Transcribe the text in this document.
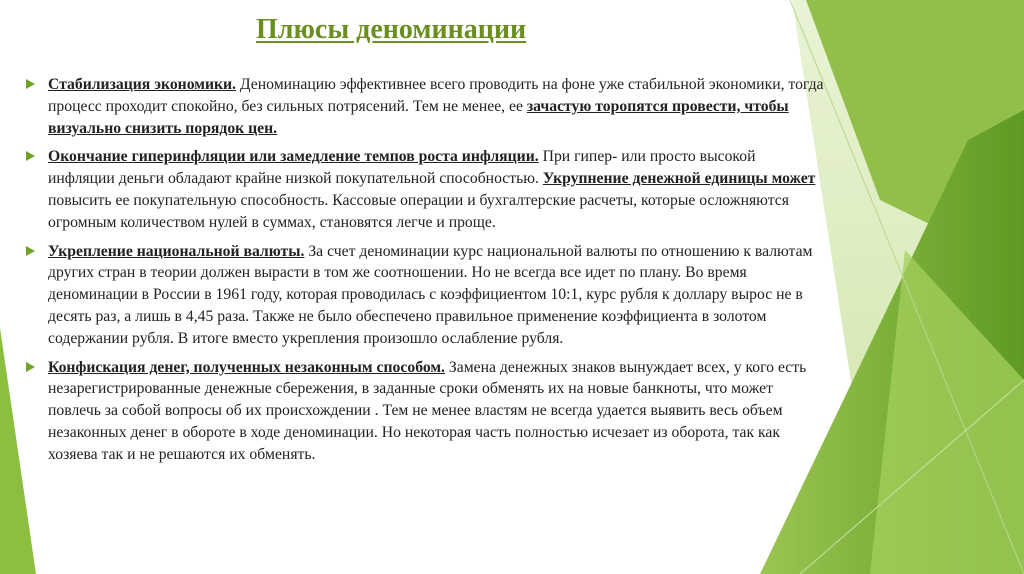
Плюсы деноминации
Стабилизация экономики. Деноминацию эффективнее всего проводить на фоне уже стабильной экономики, тогда процесс проходит спокойно, без сильных потрясений. Тем не менее, ее зачастую торопятся провести, чтобы визуально снизить порядок цен.
Окончание гиперинфляции или замедление темпов роста инфляции. При гипер- или просто высокой инфляции деньги обладают крайне низкой покупательной способностью. Укрупнение денежной единицы может повысить ее покупательную способность. Кассовые операции и бухгалтерские расчеты, которые осложняются огромным количеством нулей в суммах, становятся легче и проще.
Укрепление национальной валюты. За счет деноминации курс национальной валюты по отношению к валютам других стран в теории должен вырасти в том же соотношении. Но не всегда все идет по плану. Во время деноминации в России в 1961 году, которая проводилась с коэффициентом 10:1, курс рубля к доллару вырос не в десять раз, а лишь в 4,45 раза. Также не было обеспечено правильное применение коэффициента в золотом содержании рубля. В итоге вместо укрепления произошло ослабление рубля.
Конфискация денег, полученных незаконным способом. Замена денежных знаков вынуждает всех, у кого есть незарегистрированные денежные сбережения, в заданные сроки обменять их на новые банкноты, что может повлечь за собой вопросы об их происхождении . Тем не менее властям не всегда удается выявить весь объем незаконных денег в обороте в ходе деноминации. Но некоторая часть полностью исчезает из оборота, так как хозяева так и не решаются их обменять.
